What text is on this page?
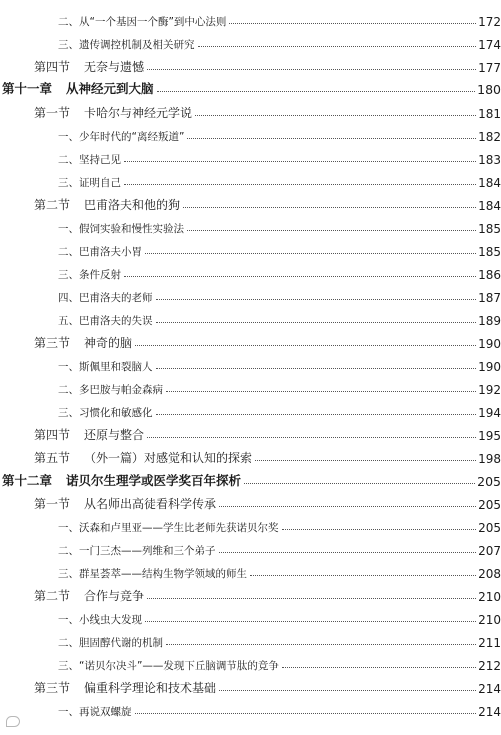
二、从“一个基因一个酶”到中心法则	172
三、遗传调控机制及相关研究	174
第四节 无奈与遗憾	177
第十一章 从神经元到大脑	180
第一节 卡哈尔与神经元学说	181
一、少年时代的“离经叛道”	182
二、坚持己见	183
三、证明自己	184
第二节 巴甫洛夫和他的狗	184
一、假饲实验和慢性实验法	185
二、巴甫洛夫小胃	185
三、条件反射	186
四、巴甫洛夫的老师	187
五、巴甫洛夫的失误	189
第三节 神奇的脑	190
一、斯佩里和裂脑人	190
二、多巴胺与帕金森病	192
三、习惯化和敏感化	194
第四节 还原与整合	195
第五节 （外一篇）对感觉和认知的探索	198
第十二章 诺贝尔生理学或医学奖百年探析	205
第一节 从名师出高徒看科学传承	205
一、沃森和卢里亚——学生比老师先获诺贝尔奖	205
二、一门三杰——列维和三个弟子	207
三、群星荟萃——结构生物学领域的师生	208
第二节 合作与竞争	210
一、小线虫大发现	210
二、胆固醇代谢的机制	211
三、“诺贝尔决斗”——发现下丘脑调节肽的竞争	212
第三节 偏重科学理论和技术基础	214
一、再说双螺旋	214
